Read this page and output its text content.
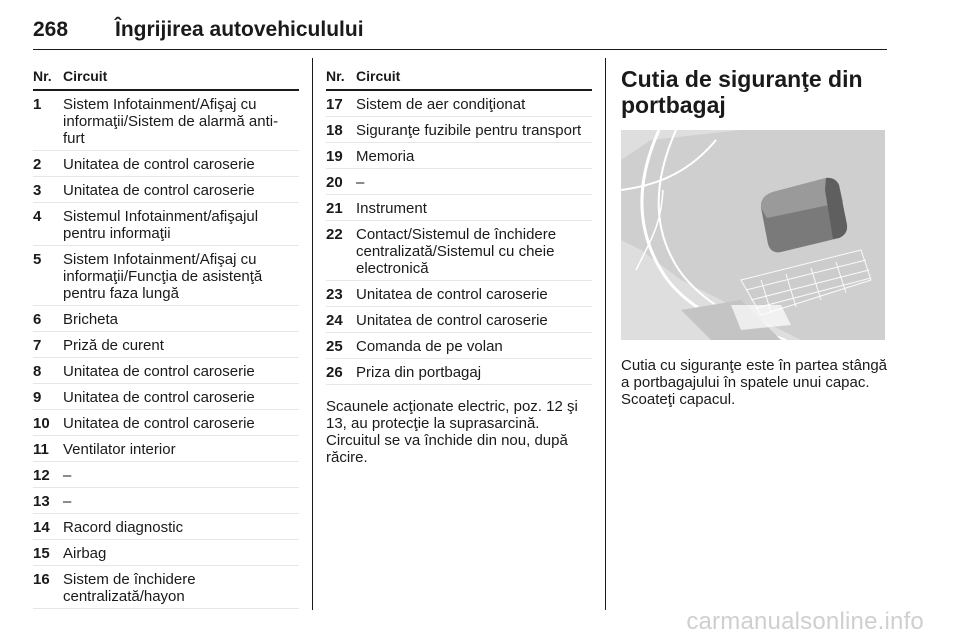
268 Îngrijirea autovehiculului
Nr. Circuit
1	Sistem Infotainment/Afişaj cu informaţii/Sistem de alarmă anti-furt
2	Unitatea de control caroserie
3	Unitatea de control caroserie
4	Sistemul Infotainment/afişajul pentru informaţii
5	Sistem Infotainment/Afişaj cu informaţii/Funcţia de asistenţă pentru faza lungă
6	Bricheta
7	Priză de curent
8	Unitatea de control caroserie
9	Unitatea de control caroserie
10	Unitatea de control caroserie
11	Ventilator interior
12	–
13	–
14	Racord diagnostic
15	Airbag
16	Sistem de închidere centralizată/hayon
Nr. Circuit
17	Sistem de aer condiţionat
18	Siguranţe fuzibile pentru transport
19	Memoria
20	–
21	Instrument
22	Contact/Sistemul de închidere centralizată/Sistemul cu cheie electronică
23	Unitatea de control caroserie
24	Unitatea de control caroserie
25	Comanda de pe volan
26	Priza din portbagaj

Scaunele acţionate electric, poz. 12 şi 13, au protecţie la suprasarcină. Circuitul se va închide din nou, după răcire.

Cutia de siguranţe din portbagaj

Cutia cu siguranţe este în partea stângă a portbagajului în spatele unui capac. Scoateţi capacul.

carmanualsonline.info
